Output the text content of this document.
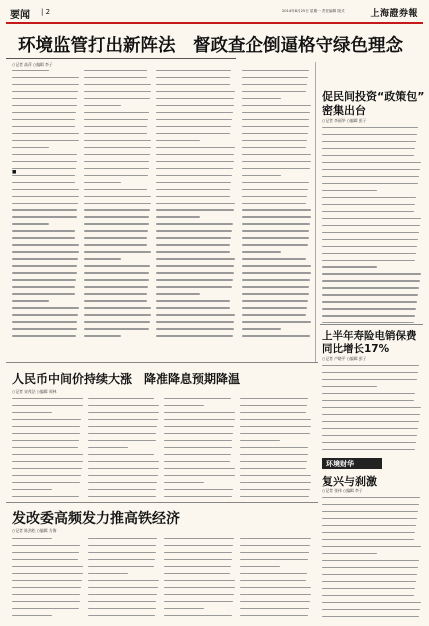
要闻 | 2	2014年8月25日 星期一 责任编辑 版式	上海證券報
环境监管打出新阵法　督政查企倒逼格守绿色理念
○记者 高萍 ○编辑 李子
■
促民间投资“政策包”
密集出台
○记者 李丽华 ○编辑 彭子
上半年寿险电销保费
同比增长17%
○记者 卢晓平 ○编辑 彭子
环境财华
复兴与刹激
○记者 张伟 ○编辑 李子
人民币中间价持续大涨　降准降息预期降温
○记者 宋茂法 ○编辑 周林
发改委高频发力推高铁经济
○记者 陈劲松 ○编辑 方海
